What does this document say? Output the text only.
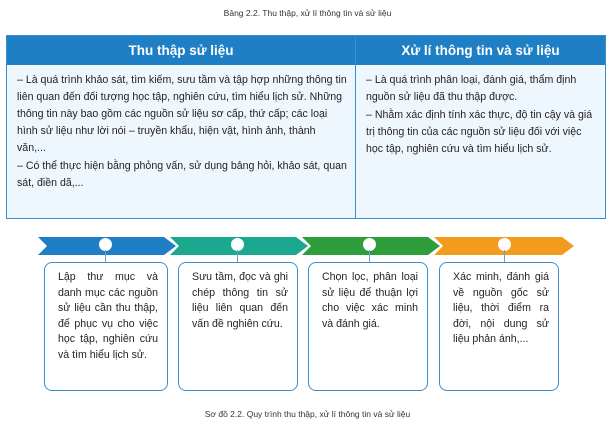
Bảng 2.2. Thu thập, xử lí thông tin và sử liệu
Thu thập sử liệu	Xử lí thông tin và sử liệu

– Là quá trình khảo sát, tìm kiếm, sưu tầm và tập hợp những thông tin liên quan đến đối tượng học tập, nghiên cứu, tìm hiểu lịch sử. Những thông tin này bao gồm các nguồn sử liệu sơ cấp, thứ cấp; các loại hình sử liệu như lời nói – truyền khẩu, hiện vật, hình ảnh, thành văn,...

– Có thể thực hiện bằng phỏng vấn, sử dụng bảng hỏi, khảo sát, quan sát, điền dã,...

– Là quá trình phân loại, đánh giá, thẩm định nguồn sử liệu đã thu thập được.

– Nhằm xác định tính xác thực, độ tin cậy và giá trị thông tin của các nguồn sử liệu đối với việc học tập, nghiên cứu và tìm hiểu lịch sử.

Lập thư mục và danh mục các nguồn sử liệu cần thu thập, để phục vụ cho việc học tập, nghiên cứu và tìm hiểu lịch sử.
Sưu tầm, đọc và ghi chép thông tin sử liệu liên quan đến vấn đề nghiên cứu.
Chọn lọc, phân loại sử liệu để thuận lợi cho việc xác minh và đánh giá.
Xác minh, đánh giá về nguồn gốc sử liệu, thời điểm ra đời, nội dung sử liệu phản ánh,...
Sơ đồ 2.2. Quy trình thu thập, xử lí thông tin và sử liệu
